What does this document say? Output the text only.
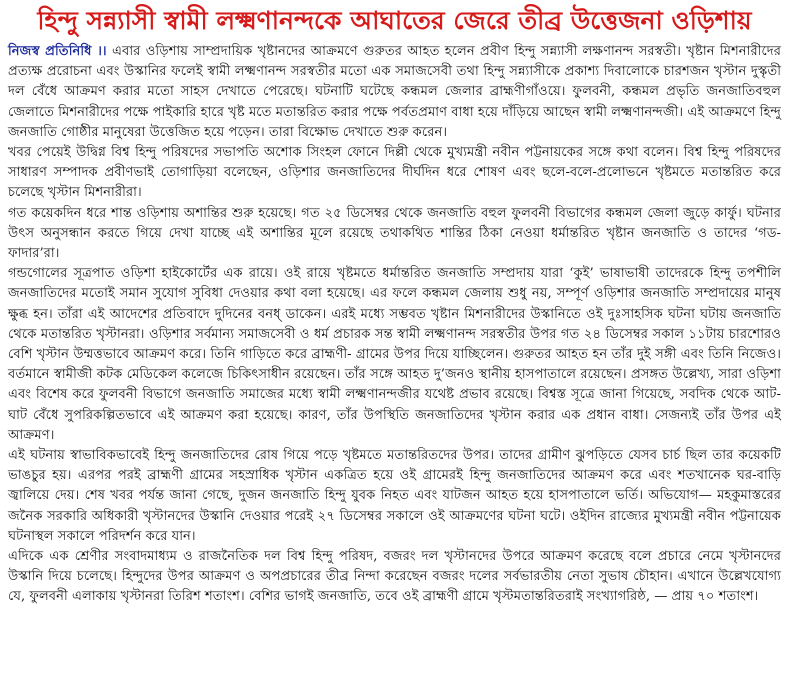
হিন্দু সন্ন্যাসী স্বামী লক্ষ্মণানন্দকে আঘাতের জেরে তীব্র উত্তেজনা ওড়িশায়

নিজস্ব প্রতিনিধি ।। এবার ওড়িশায় সাম্প্রদায়িক খৃষ্টানদের আক্রমণে গুরুতর আহত হলেন প্রবীণ হিন্দু সন্ন্যাসী লক্ষণানন্দ সরস্বতী। খৃষ্টান মিশনারীদের প্রত্যক্ষ প্ররোচনা এবং উস্কানির ফলেই স্বামী লক্ষ্মণানন্দ সরস্বতীর মতো এক সমাজসেবী তথা হিন্দু সন্ন্যাসীকে প্রকাশ্য দিবালোকে চারশজন খৃস্টান দুস্কৃতী দল বেঁধে আক্রমণ করার মতো সাহস দেখাতে পেরেছে। ঘটনাটি ঘটেছে কন্ধমল জেলার ব্রাহ্মণীগাঁওয়ে। ফুলবনী, কন্ধমল প্রভৃতি জনজাতিবহুল জেলাতে মিশনারীদের পক্ষে পাইকারি হারে খৃষ্ট মতে মতান্তরিত করার পক্ষে পর্বতপ্রমাণ বাধা হয়ে দাঁড়িয়ে আছেন স্বামী লক্ষ্মণানন্দজী। এই আক্রমণে হিন্দু জনজাতি গোষ্ঠীর মানুষেরা উত্তেজিত হয়ে পড়েন। তারা বিক্ষোভ দেখাতে শুরু করেন।

খবর পেয়েই উদ্বিগ্ন বিশ্ব হিন্দু পরিষদের সভাপতি অশোক সিংহল ফোনে দিল্লী থেকে মুখ্যমন্ত্রী নবীন পট্টনায়কের সঙ্গে কথা বলেন। বিশ্ব হিন্দু পরিষদের সাধারণ সম্পাদক প্রবীণভাই তোগাড়িয়া বলেছেন, ওড়িশার জনজাতিদের দীর্ঘদিন ধরে শোষণ এবং ছলে-বলে-প্রলোভনে খৃষ্টমতে মতান্তরিত করে চলেছে খৃস্টান মিশনারীরা।

গত কয়েকদিন ধরে শান্ত ওড়িশায় অশান্তির শুরু হয়েছে। গত ২৫ ডিসেম্বর থেকে জনজাতি বহুল ফুলবনী বিভাগের কন্ধমল জেলা জুড়ে কার্ফু। ঘটনার উৎস অনুসন্ধান করতে গিয়ে দেখা যাচ্ছে এই অশান্তির মূলে রয়েছে তথাকথিত শান্তির ঠিকা নেওয়া ধর্মান্তরিত খৃষ্টান জনজাতি ও তাদের ‘গড-ফাদার’রা।

গন্ডগোলের সূত্রপাত ওড়িশা হাইকোর্টের এক রায়ে। ওই রায়ে খৃষ্টমতে ধর্মান্তরিত জনজাতি সম্প্রদায় যারা ‘কুই’ ভাষাভাষী তাদেরকে হিন্দু তপশীলি জনজাতিদের মতোই সমান সুযোগ সুবিধা দেওয়ার কথা বলা হয়েছে। এর ফলে কন্ধমল জেলায় শুধু নয়, সম্পূর্ণ ওড়িশার জনজাতি সম্প্রদায়ের মানুষ ক্ষুব্ধ হন। তাঁরা এই আদেশের প্রতিবাদে দুদিনের বনধ্ ডাকেন। এরই মধ্যে সম্ভবত খৃষ্টান মিশনারীদের উস্কানিতে ওই দুঃসাহসিক ঘটনা ঘটায় জনজাতি থেকে মতান্তরিত খৃস্টানরা। ওড়িশার সর্বমান্য সমাজসেবী ও ধর্ম প্রচারক সন্ত স্বামী লক্ষ্মণানন্দ সরস্বতীর উপর গত ২৪ ডিসেম্বর সকাল ১১টায় চারশোরও বেশি খৃস্টান উম্মত্তভাবে আক্রমণ করে। তিনি গাড়িতে করে ব্রাহ্মণী- গ্রামের উপর দিয়ে যাচ্ছিলেন। গুরুতর আহত হন তাঁর দুই সঙ্গী এবং তিনি নিজেও। বর্তমানে স্বামীজী কটক মেডিকেল কলেজে চিকিৎসাধীন রয়েছেন। তাঁর সঙ্গে আহত দু’জনও স্থানীয় হাসপাতালে রয়েছেন। প্রসঙ্গত উল্লেখ্য, সারা ওড়িশা এবং বিশেষ করে ফুলবনী বিভাগে জনজাতি সমাজের মধ্যে স্বামী লক্ষ্মণানন্দজীর যথেষ্ট প্রভাব রয়েছে। বিশ্বস্ত সূত্রে জানা গিয়েছে, সবদিক থেকে আট-ঘাট বেঁধে সুপরিকল্পিতভাবে এই আক্রমণ করা হয়েছে। কারণ, তাঁর উপস্থিতি জনজাতিদের খৃস্টান করার এক প্রধান বাধা। সেজন্যই তাঁর উপর এই আক্রমণ।

এই ঘটনায় স্বাভাবিকভাবেই হিন্দু জনজাতিদের রোষ গিয়ে পড়ে খৃষ্টমতে মতান্তরিতদের উপর। তাদের গ্রামীণ ঝুপড়িতে যেসব চার্চ ছিল তার কয়েকটি ভাঙচুর হয়। এরপর পরই ব্রাহ্মণী গ্রামের সহস্রাধিক খৃস্টান একত্রিত হয়ে ওই গ্রামেরই হিন্দু জনজাতিদের আক্রমণ করে এবং শতখানেক ঘর-বাড়ি জ্বালিয়ে দেয়। শেষ খবর পর্যন্ত জানা গেছে, দুজন জনজাতি হিন্দু যুবক নিহত এবং যাটজন আহত হয়ে হাসপাতালে ভর্তি। অভিযোগ— মহকুমাস্তরের জনৈক সরকারি অধিকারী খৃস্টানদের উস্কানি দেওয়ার পরেই ২৭ ডিসেম্বর সকালে ওই আক্রমণের ঘটনা ঘটে। ওইদিন রাজ্যের মুখ্যমন্ত্রী নবীন পট্টনায়েক ঘটনাস্থল সকালে পরিদর্শন করে যান।

এদিকে এক শ্রেণীর সংবাদমাধ্যম ও রাজনৈতিক দল বিশ্ব হিন্দু পরিষদ, বজরং দল খৃস্টানদের উপরে আক্রমণ করেছে বলে প্রচারে নেমে খৃস্টানদের উস্কানি দিয়ে চলেছে। হিন্দুদের উপর আক্রমণ ও অপপ্রচারের তীব্র নিন্দা করেছেন বজরং দলের সর্বভারতীয় নেতা সুভাষ চৌহান। এখানে উল্লেখযোগ্য যে, ফুলবনী এলাকায় খৃস্টানরা তিরিশ শতাংশ। বেশির ভাগই জনজাতি, তবে ওই ব্রাহ্মণী গ্রামে খৃস্টমতান্তরিতরাই সংখ্যাগরিষ্ঠ, — প্রায় ৭০ শতাংশ।
